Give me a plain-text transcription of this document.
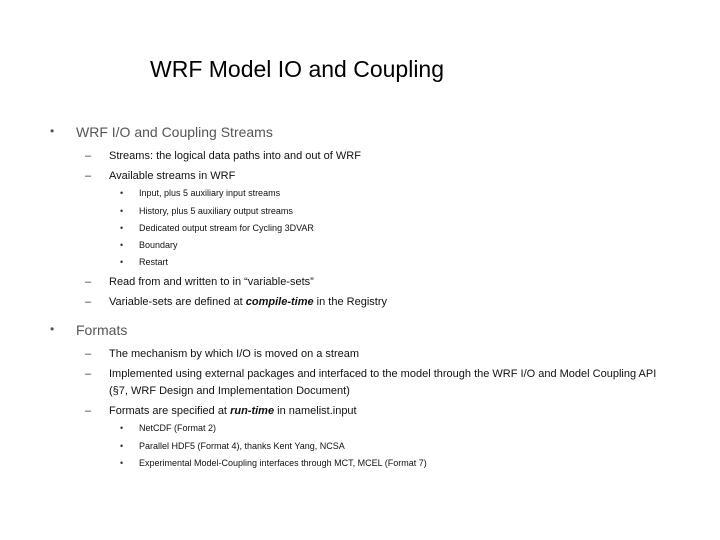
WRF Model IO and Coupling
• WRF I/O and Coupling Streams
– Streams: the logical data paths into and out of WRF
– Available streams in WRF
• Input, plus 5 auxiliary input streams
• History, plus 5 auxiliary output streams
• Dedicated output stream for Cycling 3DVAR
• Boundary
• Restart
– Read from and written to in “variable-sets”
– Variable-sets are defined at compile-time in the Registry
• Formats
– The mechanism by which I/O is moved on a stream
– Implemented using external packages and interfaced to the model through the WRF I/O and Model Coupling API
(§7, WRF Design and Implementation Document)
– Formats are specified at run-time in namelist.input
• NetCDF (Format 2)
• Parallel HDF5 (Format 4), thanks Kent Yang, NCSA
• Experimental Model-Coupling interfaces through MCT, MCEL (Format 7)
